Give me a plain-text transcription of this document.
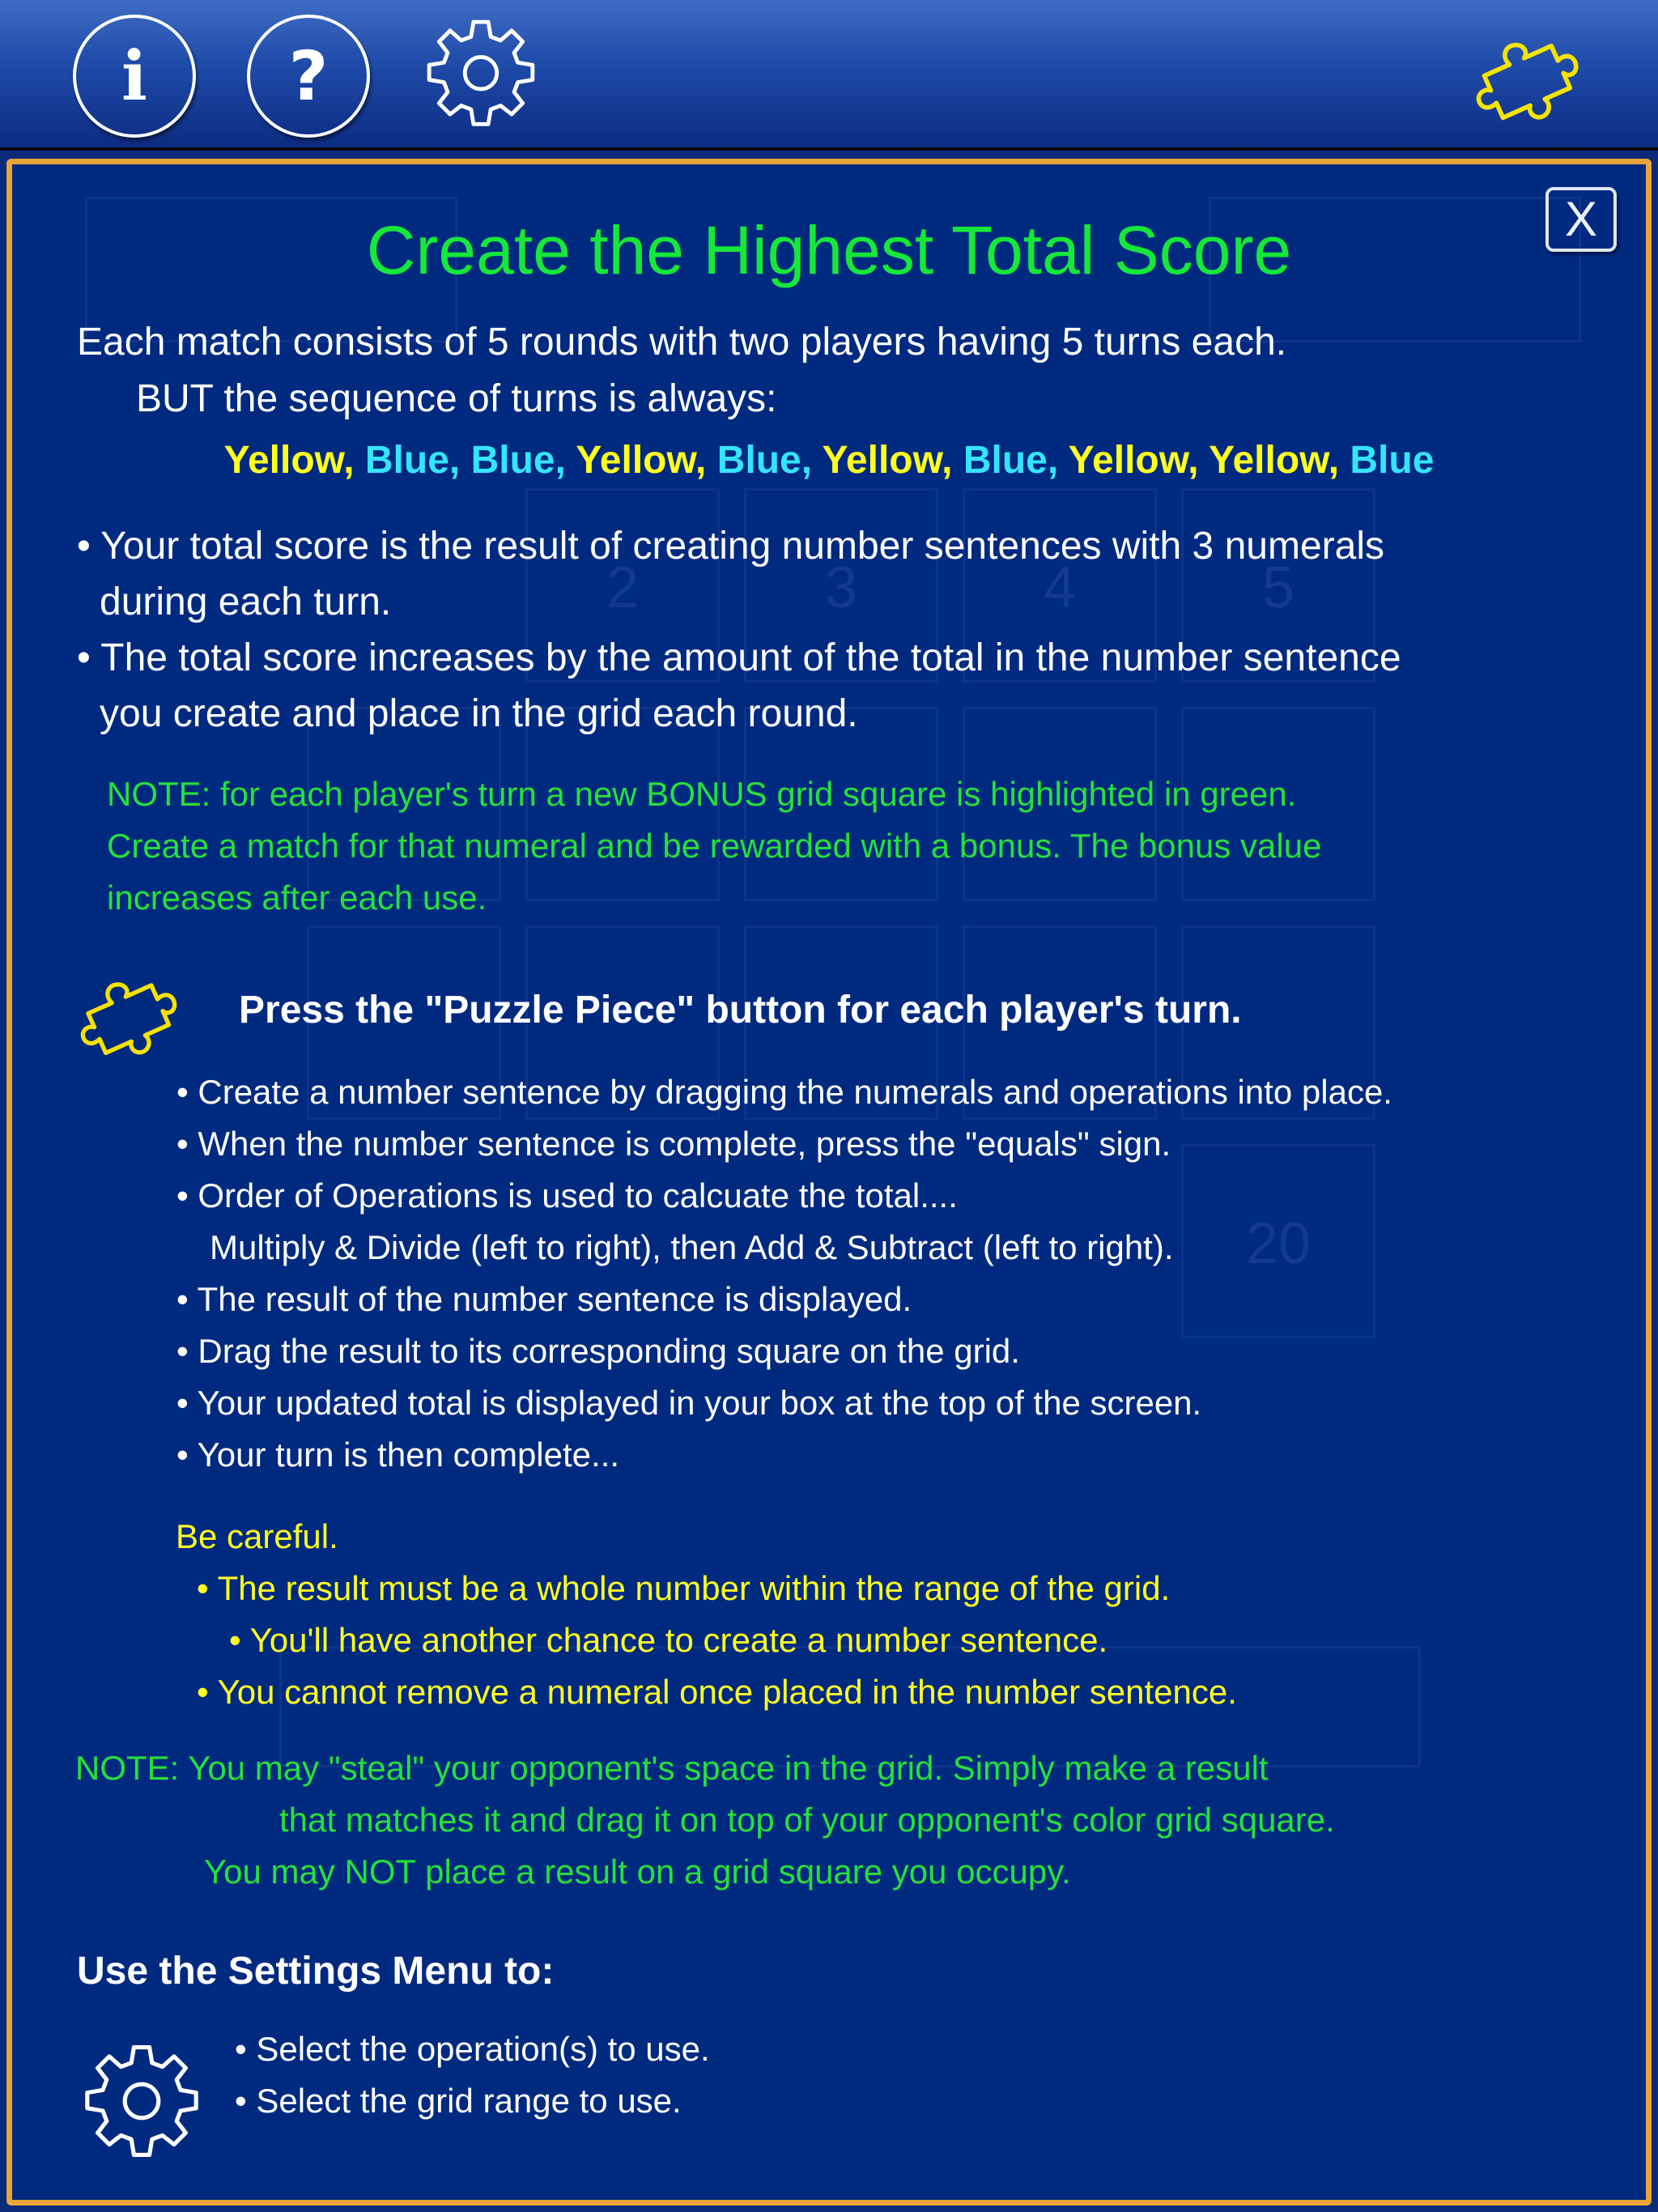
i	?
2	3	4	5
20
X
Create the Highest Total Score
Each match consists of 5 rounds with two players having 5 turns each.
BUT the sequence of turns is always:
Yellow, Blue, Blue, Yellow, Blue, Yellow, Blue, Yellow, Yellow, Blue
• Your total score is the result of creating number sentences with 3 numerals
during each turn.
• The total score increases by the amount of the total in the number sentence
you create and place in the grid each round.
NOTE: for each player's turn a new BONUS grid square is highlighted in green.
Create a match for that numeral and be rewarded with a bonus. The bonus value
increases after each use.
Press the "Puzzle Piece" button for each player's turn.
• Create a number sentence by dragging the numerals and operations into place.
• When the number sentence is complete, press the "equals" sign.
• Order of Operations is used to calcuate the total....
Multiply & Divide (left to right), then Add & Subtract (left to right).
• The result of the number sentence is displayed.
• Drag the result to its corresponding square on the grid.
• Your updated total is displayed in your box at the top of the screen.
• Your turn is then complete...
Be careful.
• The result must be a whole number within the range of the grid.
• You'll have another chance to create a number sentence.
• You cannot remove a numeral once placed in the number sentence.
NOTE: You may "steal" your opponent's space in the grid. Simply make a result
that matches it and drag it on top of your opponent's color grid square.
You may NOT place a result on a grid square you occupy.
Use the Settings Menu to:
• Select the operation(s) to use.
• Select the grid range to use.
